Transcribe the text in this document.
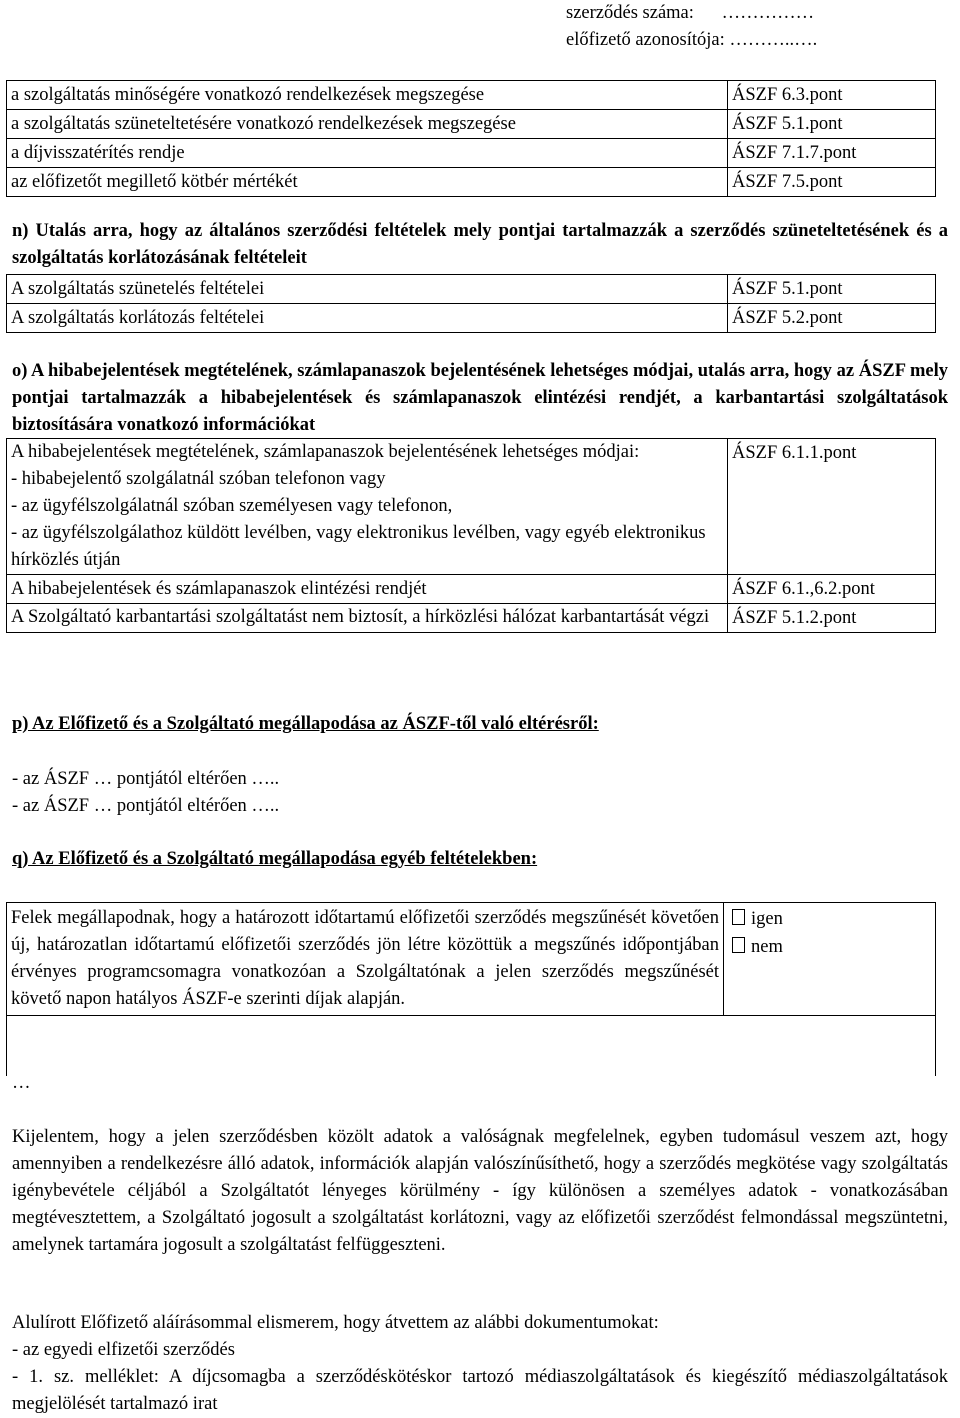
szerződés száma: ……………
előfizető azonosítója: ………..….
a szolgáltatás minőségére vonatkozó rendelkezések megszegése	ÁSZF 6.3.pont
a szolgáltatás szüneteltetésére vonatkozó rendelkezések megszegése	ÁSZF 5.1.pont
a díjvisszatérítés rendje	ÁSZF 7.1.7.pont
az előfizetőt megillető kötbér mértékét	ÁSZF 7.5.pont
n) Utalás arra, hogy az általános szerződési feltételek mely pontjai tartalmazzák a szerződés szüneteltetésének és a szolgáltatás korlátozásának feltételeit
A szolgáltatás szünetelés feltételei	ÁSZF 5.1.pont
A szolgáltatás korlátozás feltételei	ÁSZF 5.2.pont
o) A hibabejelentések megtételének, számlapanaszok bejelentésének lehetséges módjai, utalás arra, hogy az ÁSZF mely pontjai tartalmazzák a hibabejelentések és számlapanaszok elintézési rendjét, a karbantartási szolgáltatások biztosítására vonatkozó információkat
A hibabejelentések megtételének, számlapanaszok bejelentésének lehetséges módjai:
- hibabejelentő szolgálatnál szóban telefonon vagy
- az ügyfélszolgálatnál szóban személyesen vagy telefonon,
- az ügyfélszolgálathoz küldött levélben, vagy elektronikus levélben, vagy egyéb elektronikus hírközlés útján	ÁSZF 6.1.1.pont
A hibabejelentések és számlapanaszok elintézési rendjét	ÁSZF 6.1.,6.2.pont
A Szolgáltató karbantartási szolgáltatást nem biztosít, a hírközlési hálózat karbantartását végzi	ÁSZF 5.1.2.pont
p) Az Előfizető és a Szolgáltató megállapodása az ÁSZF-től való eltérésről:
- az ÁSZF … pontjától eltérően …..
- az ÁSZF … pontjától eltérően …..
q) Az Előfizető és a Szolgáltató megállapodása egyéb feltételekben:
Felek megállapodnak, hogy a határozott időtartamú előfizetői szerződés megszűnését követően új, határozatlan időtartamú előfizetői szerződés jön létre közöttük a megszűnés időpontjában érvényes programcsomagra vonatkozóan a Szolgáltatónak a jelen szerződés megszűnését követő napon hatályos ÁSZF-e szerinti díjak alapján.	
igen
nem

…
Kijelentem, hogy a jelen szerződésben közölt adatok a valóságnak megfelelnek, egyben tudomásul veszem azt, hogy amennyiben a rendelkezésre álló adatok, információk alapján valószínűsíthető, hogy a szerződés megkötése vagy szolgáltatás igénybevétele céljából a Szolgáltatót lényeges körülmény - így különösen a személyes adatok - vonatkozásában megtévesztettem, a Szolgáltató jogosult a szolgáltatást korlátozni, vagy az előfizetői szerződést felmondással megszüntetni, amelynek tartamára jogosult a szolgáltatást felfüggeszteni.
Alulírott Előfizető aláírásommal elismerem, hogy átvettem az alábbi dokumentumokat:
- az egyedi elfizetői szerződés
- 1. sz. melléklet: A díjcsomagba a szerződéskötéskor tartozó médiaszolgáltatások és kiegészítő médiaszolgáltatások megjelölését tartalmazó irat
